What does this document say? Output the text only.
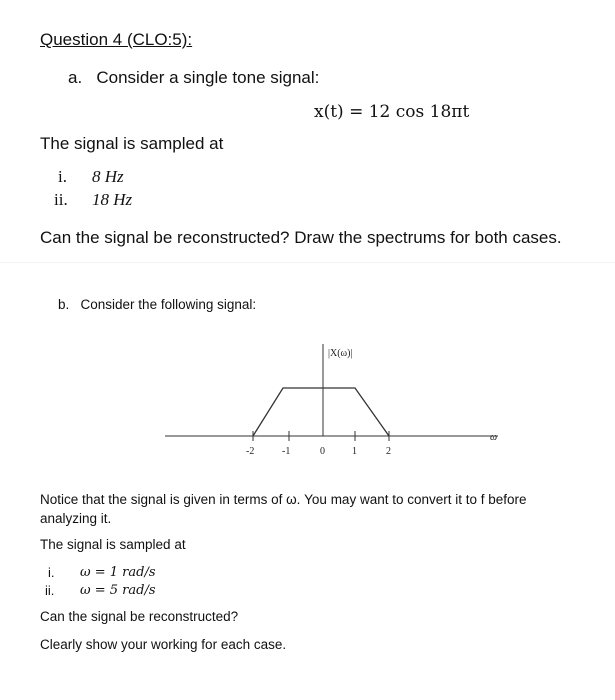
Question 4 (CLO:5):
a. Consider a single tone signal:
x(t) = 12 cos 18πt
The signal is sampled at
i. 8 Hz
ii. 18 Hz
Can the signal be reconstructed? Draw the spectrums for both cases.
b. Consider the following signal:
|X(ω)|
ω
-2	-1	0	1	2
Notice that the signal is given in terms of ω. You may want to convert it to f before analyzing it.
The signal is sampled at
i. ω = 1 rad/s
ii. ω = 5 rad/s
Can the signal be reconstructed?
Clearly show your working for each case.
